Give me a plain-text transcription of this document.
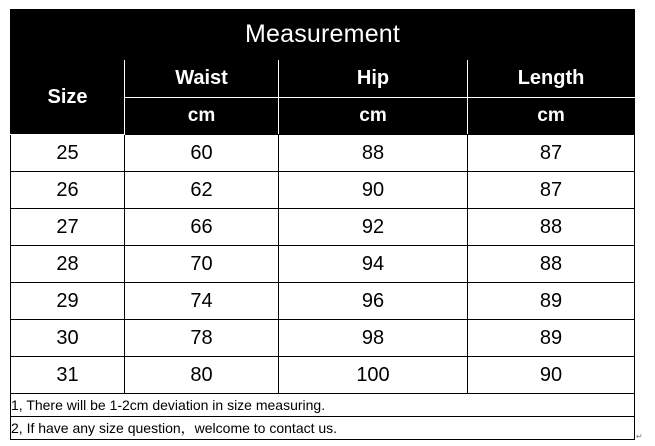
Measurement			
Size	Waist	Hip	Length
	cm	cm	cm
25	60	88	87
26	62	90	87
27	66	92	88
28	70	94	88
29	74	96	89
30	78	98	89
31	80	100	90
1, There will be 1-2cm deviation in size measuring.			
2, If have any size question，welcome to contact us.			
↵
